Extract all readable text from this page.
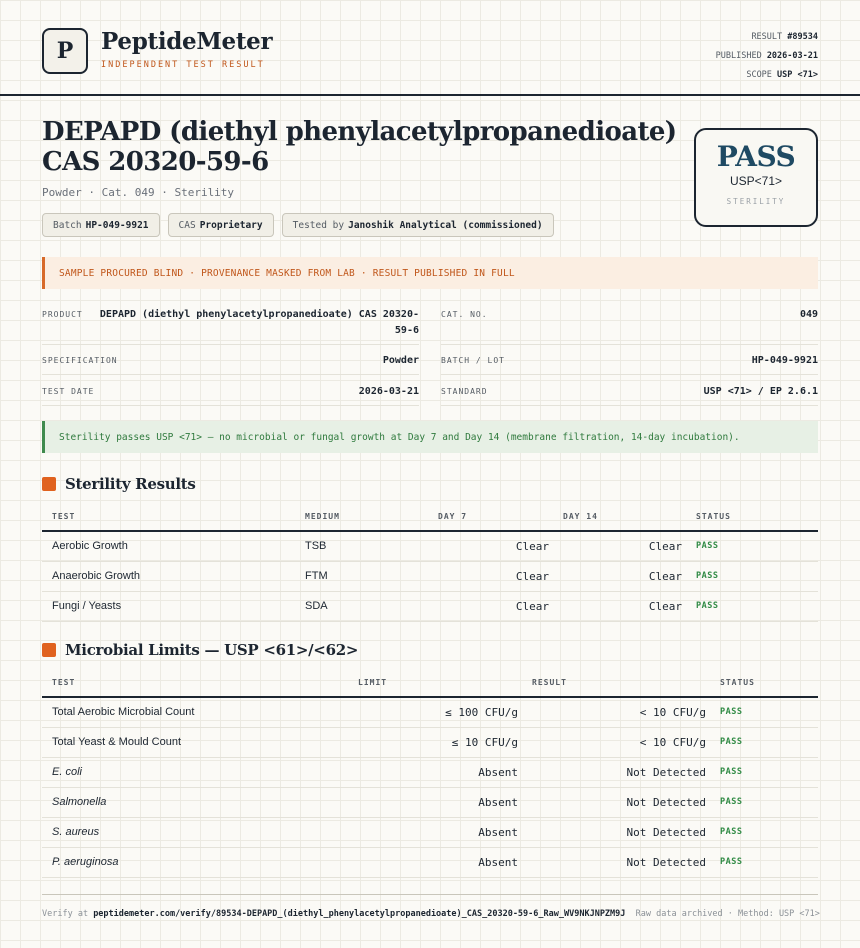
P PeptideMeter
INDEPENDENT TEST RESULT
RESULT #89534
PUBLISHED 2026-03-21
SCOPE USP <71>
DEPAPD (diethyl phenylacetylpropanedioate)
CAS 20320-59-6
Powder · Cat. 049 · Sterility
Batch HP-049-9921	CAS Proprietary	Tested by Janoshik Analytical (commissioned)
PASS
USP<71>
STERILITY
SAMPLE PROCURED BLIND · PROVENANCE MASKED FROM LAB · RESULT PUBLISHED IN FULL
PRODUCT	DEPAPD (diethyl phenylacetylpropanedioate) CAS 20320-59-6
CAT. NO.	049
SPECIFICATION	Powder	BATCH / LOT	HP-049-9921
TEST DATE	2026-03-21	STANDARD	USP <71> / EP 2.6.1
Sterility passes USP <71> — no microbial or fungal growth at Day 7 and Day 14 (membrane filtration, 14-day incubation).
Sterility Results
TEST	MEDIUM	DAY 7	DAY 14	STATUS
Aerobic Growth	TSB	Clear	Clear	PASS
Anaerobic Growth	FTM	Clear	Clear	PASS
Fungi / Yeasts	SDA	Clear	Clear	PASS
Microbial Limits — USP <61>/<62>
TEST	LIMIT	RESULT	STATUS
Total Aerobic Microbial Count	≤ 100 CFU/g	< 10 CFU/g	PASS
Total Yeast & Mould Count	≤ 10 CFU/g	< 10 CFU/g	PASS
E. coli	Absent	Not Detected	PASS
Salmonella	Absent	Not Detected	PASS
S. aureus	Absent	Not Detected	PASS
P. aeruginosa	Absent	Not Detected	PASS
Verify at peptidemeter.com/verify/89534-DEPAPD_(diethyl_phenylacetylpropanedioate)_CAS_20320-59-6_Raw_WV9NKJNPZM9J Raw data archived · Method: USP <71>
